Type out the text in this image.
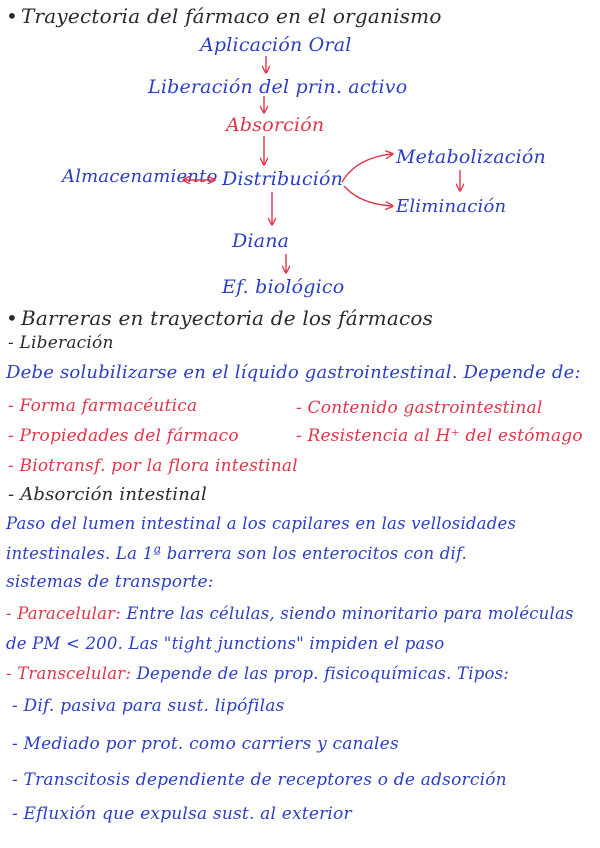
• Trayectoria del fármaco en el organismo
Aplicación Oral
Liberación del prin. activo
Absorción
Almacenamiento Distribución
Metabolización
Eliminación
Diana
Ef. biológico
• Barreras en trayectoria de los fármacos
- Liberación
Debe solubilizarse en el líquido gastrointestinal. Depende de:
- Forma farmacéutica	- Contenido gastrointestinal
- Propiedades del fármaco	- Resistencia al H⁺ del estómago
- Biotransf. por la flora intestinal
- Absorción intestinal
Paso del lumen intestinal a los capilares en las vellosidades
intestinales. La 1ª barrera son los enterocitos con dif.
sistemas de transporte:
- Paracelular: Entre las células, siendo minoritario para moléculas
de PM < 200. Las "tight junctions" impiden el paso
- Transcelular: Depende de las prop. fisicoquímicas. Tipos:
- Dif. pasiva para sust. lipófilas
- Mediado por prot. como carriers y canales
- Transcitosis dependiente de receptores o de adsorción
- Efluxión que expulsa sust. al exterior
